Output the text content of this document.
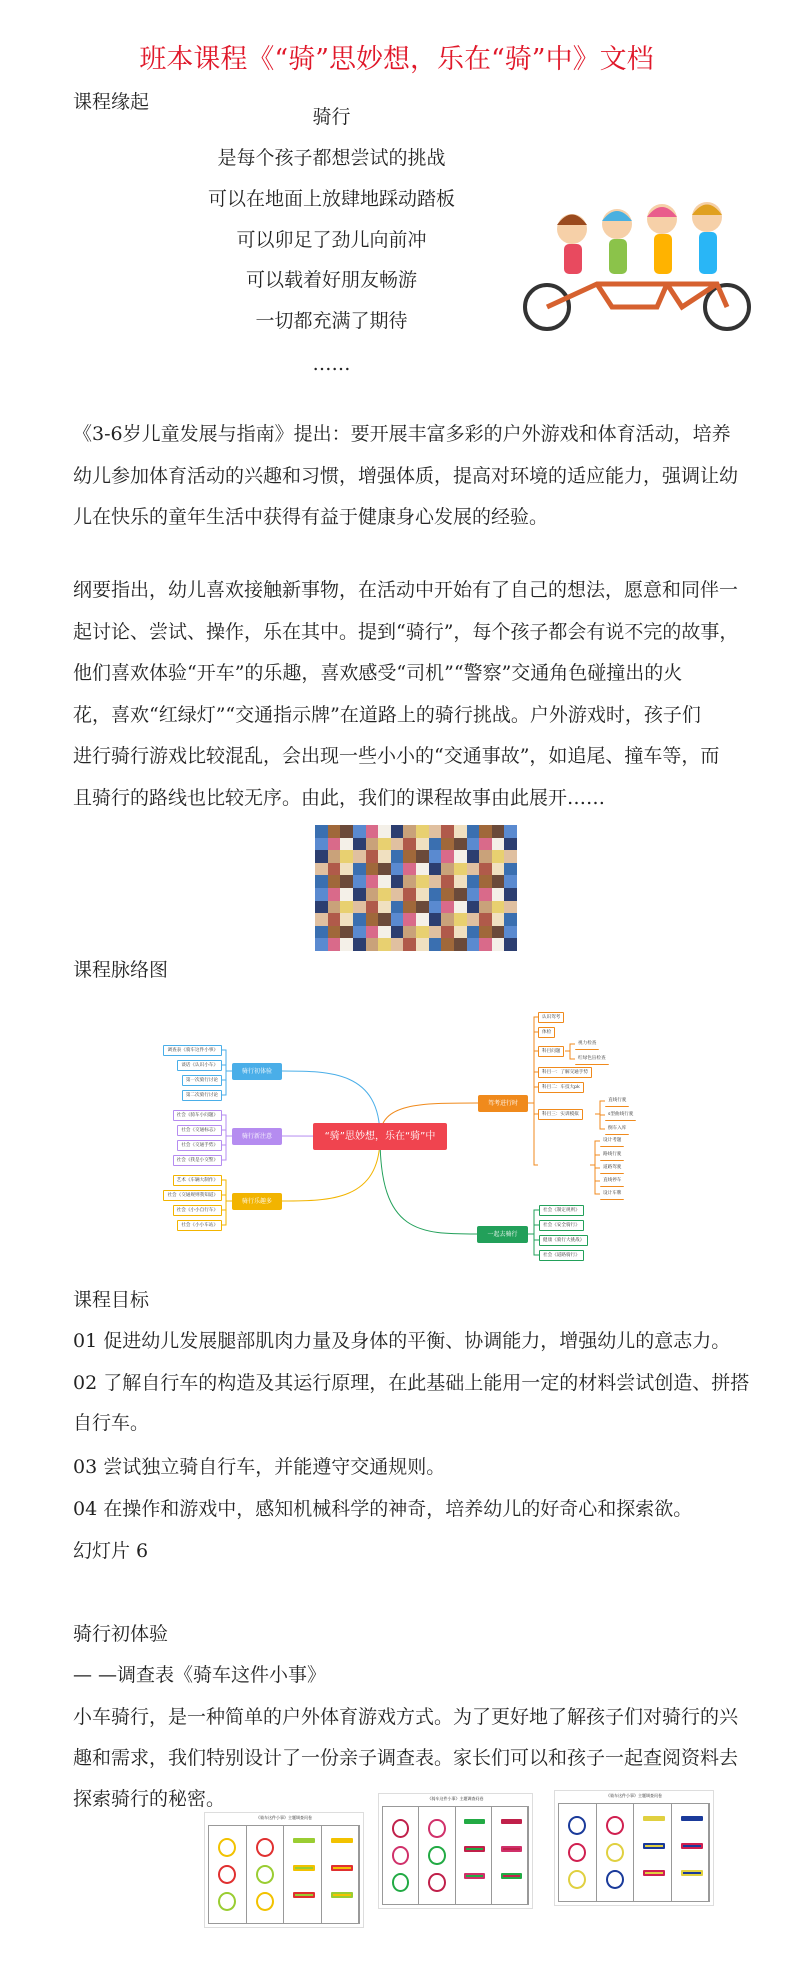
班本课程《“骑”思妙想，乐在“骑”中》文档
课程缘起
课程脉络图
“骑”思妙想，乐在“骑”中
骑行初体验
调查表《骑车这件小事》
谈话《认识小车》
第一次骑行讨论
第二次骑行讨论
骑行新注意
社会《骑车小问题》
社会《交通标志》
社会《交通手势》
社会《我是小交警》
骑行乐趣多
艺术《车辆大制作》
社会《交通规则我知道》
社会《小小自行车》
社会《小小车站》
驾考进行时
认识驾考
体检
科目问题
科目一：了解交通手势
科目二：车技大pk
科目三：实训模拟
视力检查
红绿色盲检查
直线行驶
s型曲线行驶
倒车入库
设计考题
路线行驶
道路驾驶
直线停车
设计车牌
一起去骑行
社会《制定规则》
社会《安全骑行》
健康《骑行大挑战》
社会《道路骑行》
课程目标
骑行初体验
— —调查表《骑车这件小事》
《骑车这件小事》主题调查问卷
《骑车这件小事》主题调查问卷
《骑车这件小事》主题调查问卷
骑行
是每个孩子都想尝试的挑战
可以在地面上放肆地踩动踏板
可以卯足了劲儿向前冲
可以载着好朋友畅游
一切都充满了期待
……
《3-6岁儿童发展与指南》提出：要开展丰富多彩的户外游戏和体育活动，培养
幼儿参加体育活动的兴趣和习惯，增强体质，提高对环境的适应能力，强调让幼
儿在快乐的童年生活中获得有益于健康身心发展的经验。
纲要指出，幼儿喜欢接触新事物，在活动中开始有了自己的想法，愿意和同伴一
起讨论、尝试、操作，乐在其中。提到“骑行”，每个孩子都会有说不完的故事，
他们喜欢体验“开车”的乐趣，喜欢感受“司机”“警察”交通角色碰撞出的火
花，喜欢“红绿灯”“交通指示牌”在道路上的骑行挑战。户外游戏时，孩子们
进行骑行游戏比较混乱，会出现一些小小的“交通事故”，如追尾、撞车等，而
且骑行的路线也比较无序。由此，我们的课程故事由此展开……
01 促进幼儿发展腿部肌肉力量及身体的平衡、协调能力，增强幼儿的意志力。
02 了解自行车的构造及其运行原理，在此基础上能用一定的材料尝试创造、拼搭
自行车。
03 尝试独立骑自行车，并能遵守交通规则。
04 在操作和游戏中，感知机械科学的神奇，培养幼儿的好奇心和探索欲。
幻灯片 6
小车骑行，是一种简单的户外体育游戏方式。为了更好地了解孩子们对骑行的兴
趣和需求，我们特别设计了一份亲子调查表。家长们可以和孩子一起查阅资料去
探索骑行的秘密。
